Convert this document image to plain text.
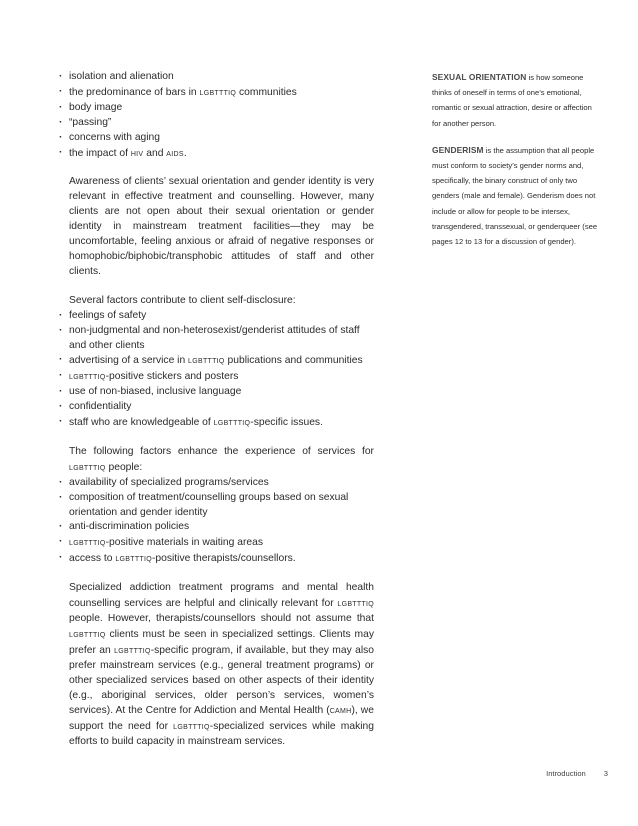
· isolation and alienation
· the predominance of bars in lgbtttiq communities
· body image
· “passing”
· concerns with aging
· the impact of hiv and aids.

Awareness of clients’ sexual orientation and gender identity is very relevant in effective treatment and counselling. However, many clients are not open about their sexual orientation or gender identity in mainstream treatment facilities—they may be uncomfortable, feeling anxious or afraid of negative responses or homophobic/biphobic/transphobic attitudes of staff and other clients.

Several factors contribute to client self-disclosure:

· feelings of safety
· non-judgmental and non-heterosexist/genderist attitudes of staff and other clients
· advertising of a service in lgbtttiq publications and communities
· lgbtttiq-positive stickers and posters
· use of non-biased, inclusive language
· confidentiality
· staff who are knowledgeable of lgbtttiq-specific issues.

The following factors enhance the experience of services for lgbtttiq people:

· availability of specialized programs/services
· composition of treatment/counselling groups based on sexual orientation and gender identity
· anti-discrimination policies
· lgbtttiq-positive materials in waiting areas
· access to lgbtttiq-positive therapists/counsellors.

Specialized addiction treatment programs and mental health counselling services are helpful and clinically relevant for lgbtttiq people. However, therapists/counsellors should not assume that lgbtttiq clients must be seen in specialized settings. Clients may prefer an lgbtttiq-specific program, if available, but they may also prefer mainstream services (e.g., general treatment programs) or other specialized services based on other aspects of their identity (e.g., aboriginal services, older person’s services, women’s services). At the Centre for Addiction and Mental Health (camh), we support the need for lgbtttiq-specialized services while making efforts to build capacity in mainstream services.

SEXUAL ORIENTATION is how someone thinks of oneself in terms of one’s emotional, romantic or sexual attraction, desire or affection for another person.

GENDERISM is the assumption that all people must conform to society’s gender norms and, specifically, the binary construct of only two genders (male and female). Genderism does not include or allow for people to be intersex, transgendered, transsexual, or genderqueer (see pages 12 to 13 for a discussion of gender).

Introduction 3
